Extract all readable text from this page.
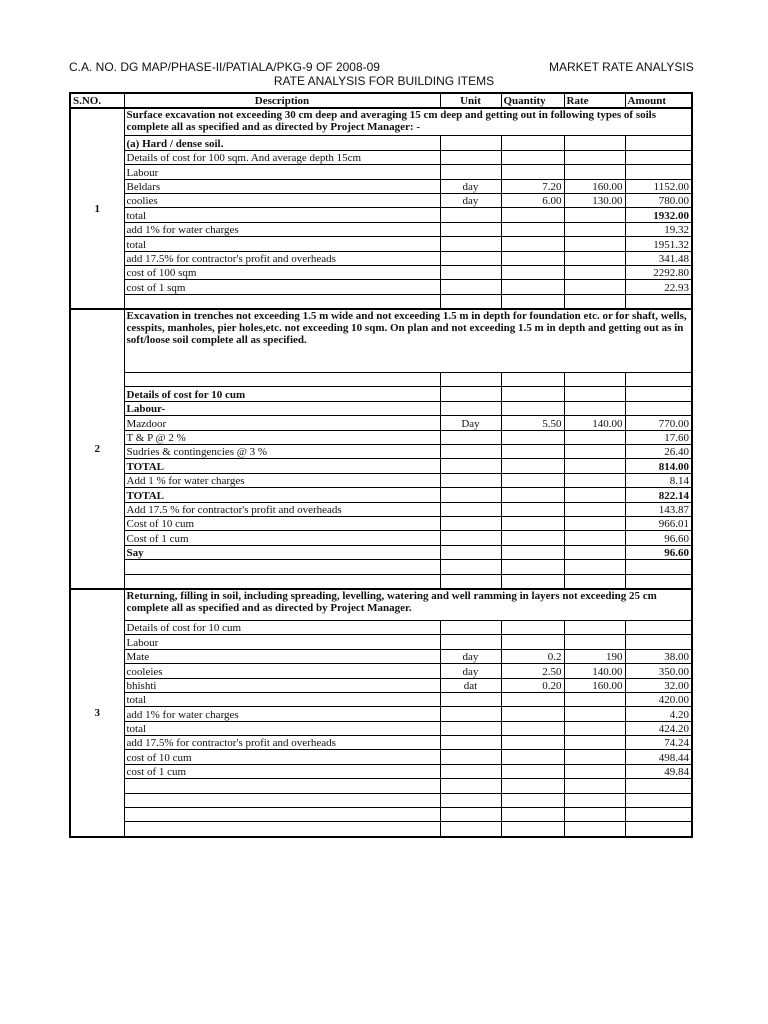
C.A. NO. DG MAP/PHASE-II/PATIALA/PKG-9 OF 2008-09	MARKET RATE ANALYSIS
RATE ANALYSIS FOR BUILDING ITEMS
S.NO.	Description	Unit	Quantity	Rate	Amount
1	Surface excavation not exceeding 30 cm deep and averaging 15 cm deep and getting out in following types of soils complete all as specified and as directed by Project Manager: -				
	(a) Hard / dense soil.				
	Details of cost for 100 sqm. And average depth 15cm				
	Labour				
	Beldars	day	7.20	160.00	1152.00
	coolies	day	6.00	130.00	780.00
	total				1932.00
	add 1% for water charges				19.32
	total				1951.32
	add 17.5% for contractor's profit and overheads				341.48
	cost of 100 sqm				2292.80
	cost of 1 sqm				22.93

2	Excavation in trenches not exceeding 1.5 m wide and not exceeding 1.5 m in depth for foundation etc. or for shaft, wells, cesspits, manholes, pier holes,etc. not exceeding 10 sqm. On plan and not exceeding 1.5 m in depth and getting out as in soft/loose soil complete all as specified.				

	Details of cost for 10 cum				
	Labour-				
	Mazdoor	Day	5.50	140.00	770.00
	T & P @ 2 %				17.60
	Sudries & contingencies @ 3 %				26.40
	TOTAL				814.00
	Add 1 % for water charges				8.14
	TOTAL				822.14
	Add 17.5 % for contractor's profit and overheads				143.87
	Cost of 10 cum				966.01
	Cost of 1 cum				96.60
	Say				96.60

3	Returning, filling in soil, including spreading, levelling, watering and well ramming in layers not exceeding 25 cm complete all as specified and as directed by Project Manager.				
	Details of cost for 10 cum				
	Labour				
	Mate	day	0.2	190	38.00
	cooleies	day	2.50	140.00	350.00
	bhishti	dat	0.20	160.00	32.00
	total				420.00
	add 1% for water charges				4.20
	total				424.20
	add 17.5% for contractor's profit and overheads				74.24
	cost of 10 cum				498.44
	cost of 1 cum				49.84
